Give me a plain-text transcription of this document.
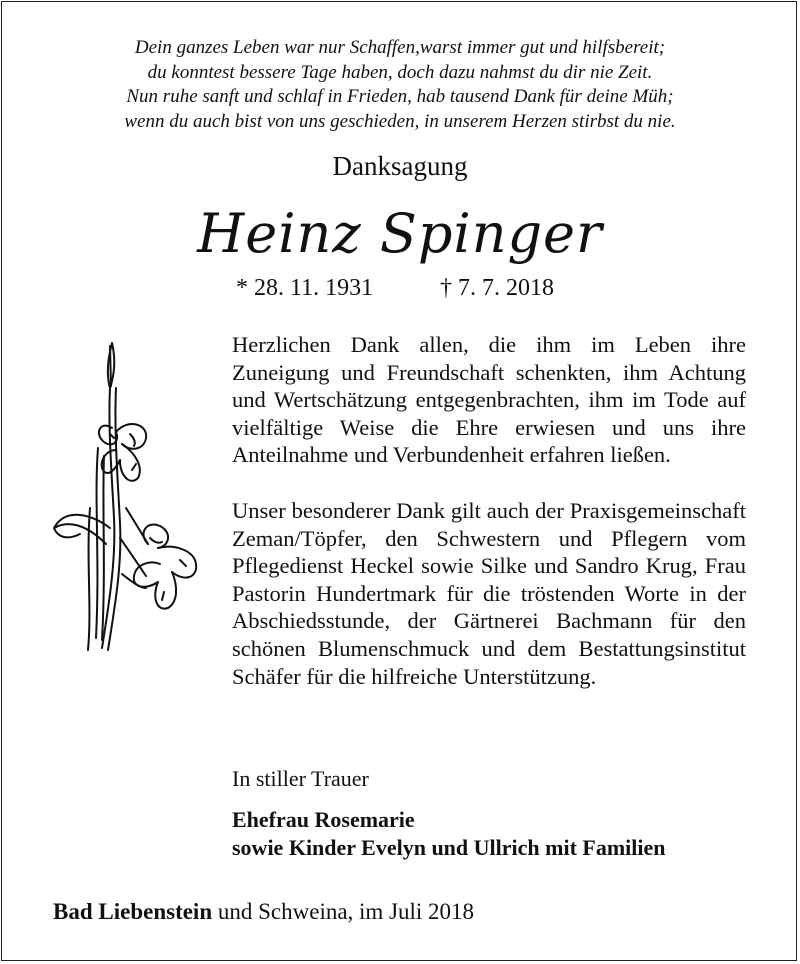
Dein ganzes Leben war nur Schaffen,warst immer gut und hilfsbereit;
du konntest bessere Tage haben, doch dazu nahmst du dir nie Zeit.
Nun ruhe sanft und schlaf in Frieden, hab tausend Dank für deine Müh;
wenn du auch bist von uns geschieden, in unserem Herzen stirbst du nie.
Danksagung
Heinz Spinger
* 28. 11. 1931	† 7. 7. 2018
Herzlichen Dank allen, die ihm im Leben ihre Zuneigung und Freundschaft schenkten, ihm Achtung und Wertschätzung entgegenbrachten, ihm im Tode auf vielfältige Weise die Ehre erwiesen und uns ihre Anteilnahme und Verbundenheit erfahren ließen.
Unser besonderer Dank gilt auch der Praxisgemeinschaft Zeman/Töpfer, den Schwestern und Pflegern vom Pflegedienst Heckel sowie Silke und Sandro Krug, Frau Pastorin Hundertmark für die tröstenden Worte in der Abschiedsstunde, der Gärtnerei Bachmann für den schönen Blumenschmuck und dem Bestattungsinstitut Schäfer für die hilfreiche Unterstützung.
In stiller Trauer
Ehefrau Rosemarie
sowie Kinder Evelyn und Ullrich mit Familien
Bad Liebenstein und Schweina, im Juli 2018
